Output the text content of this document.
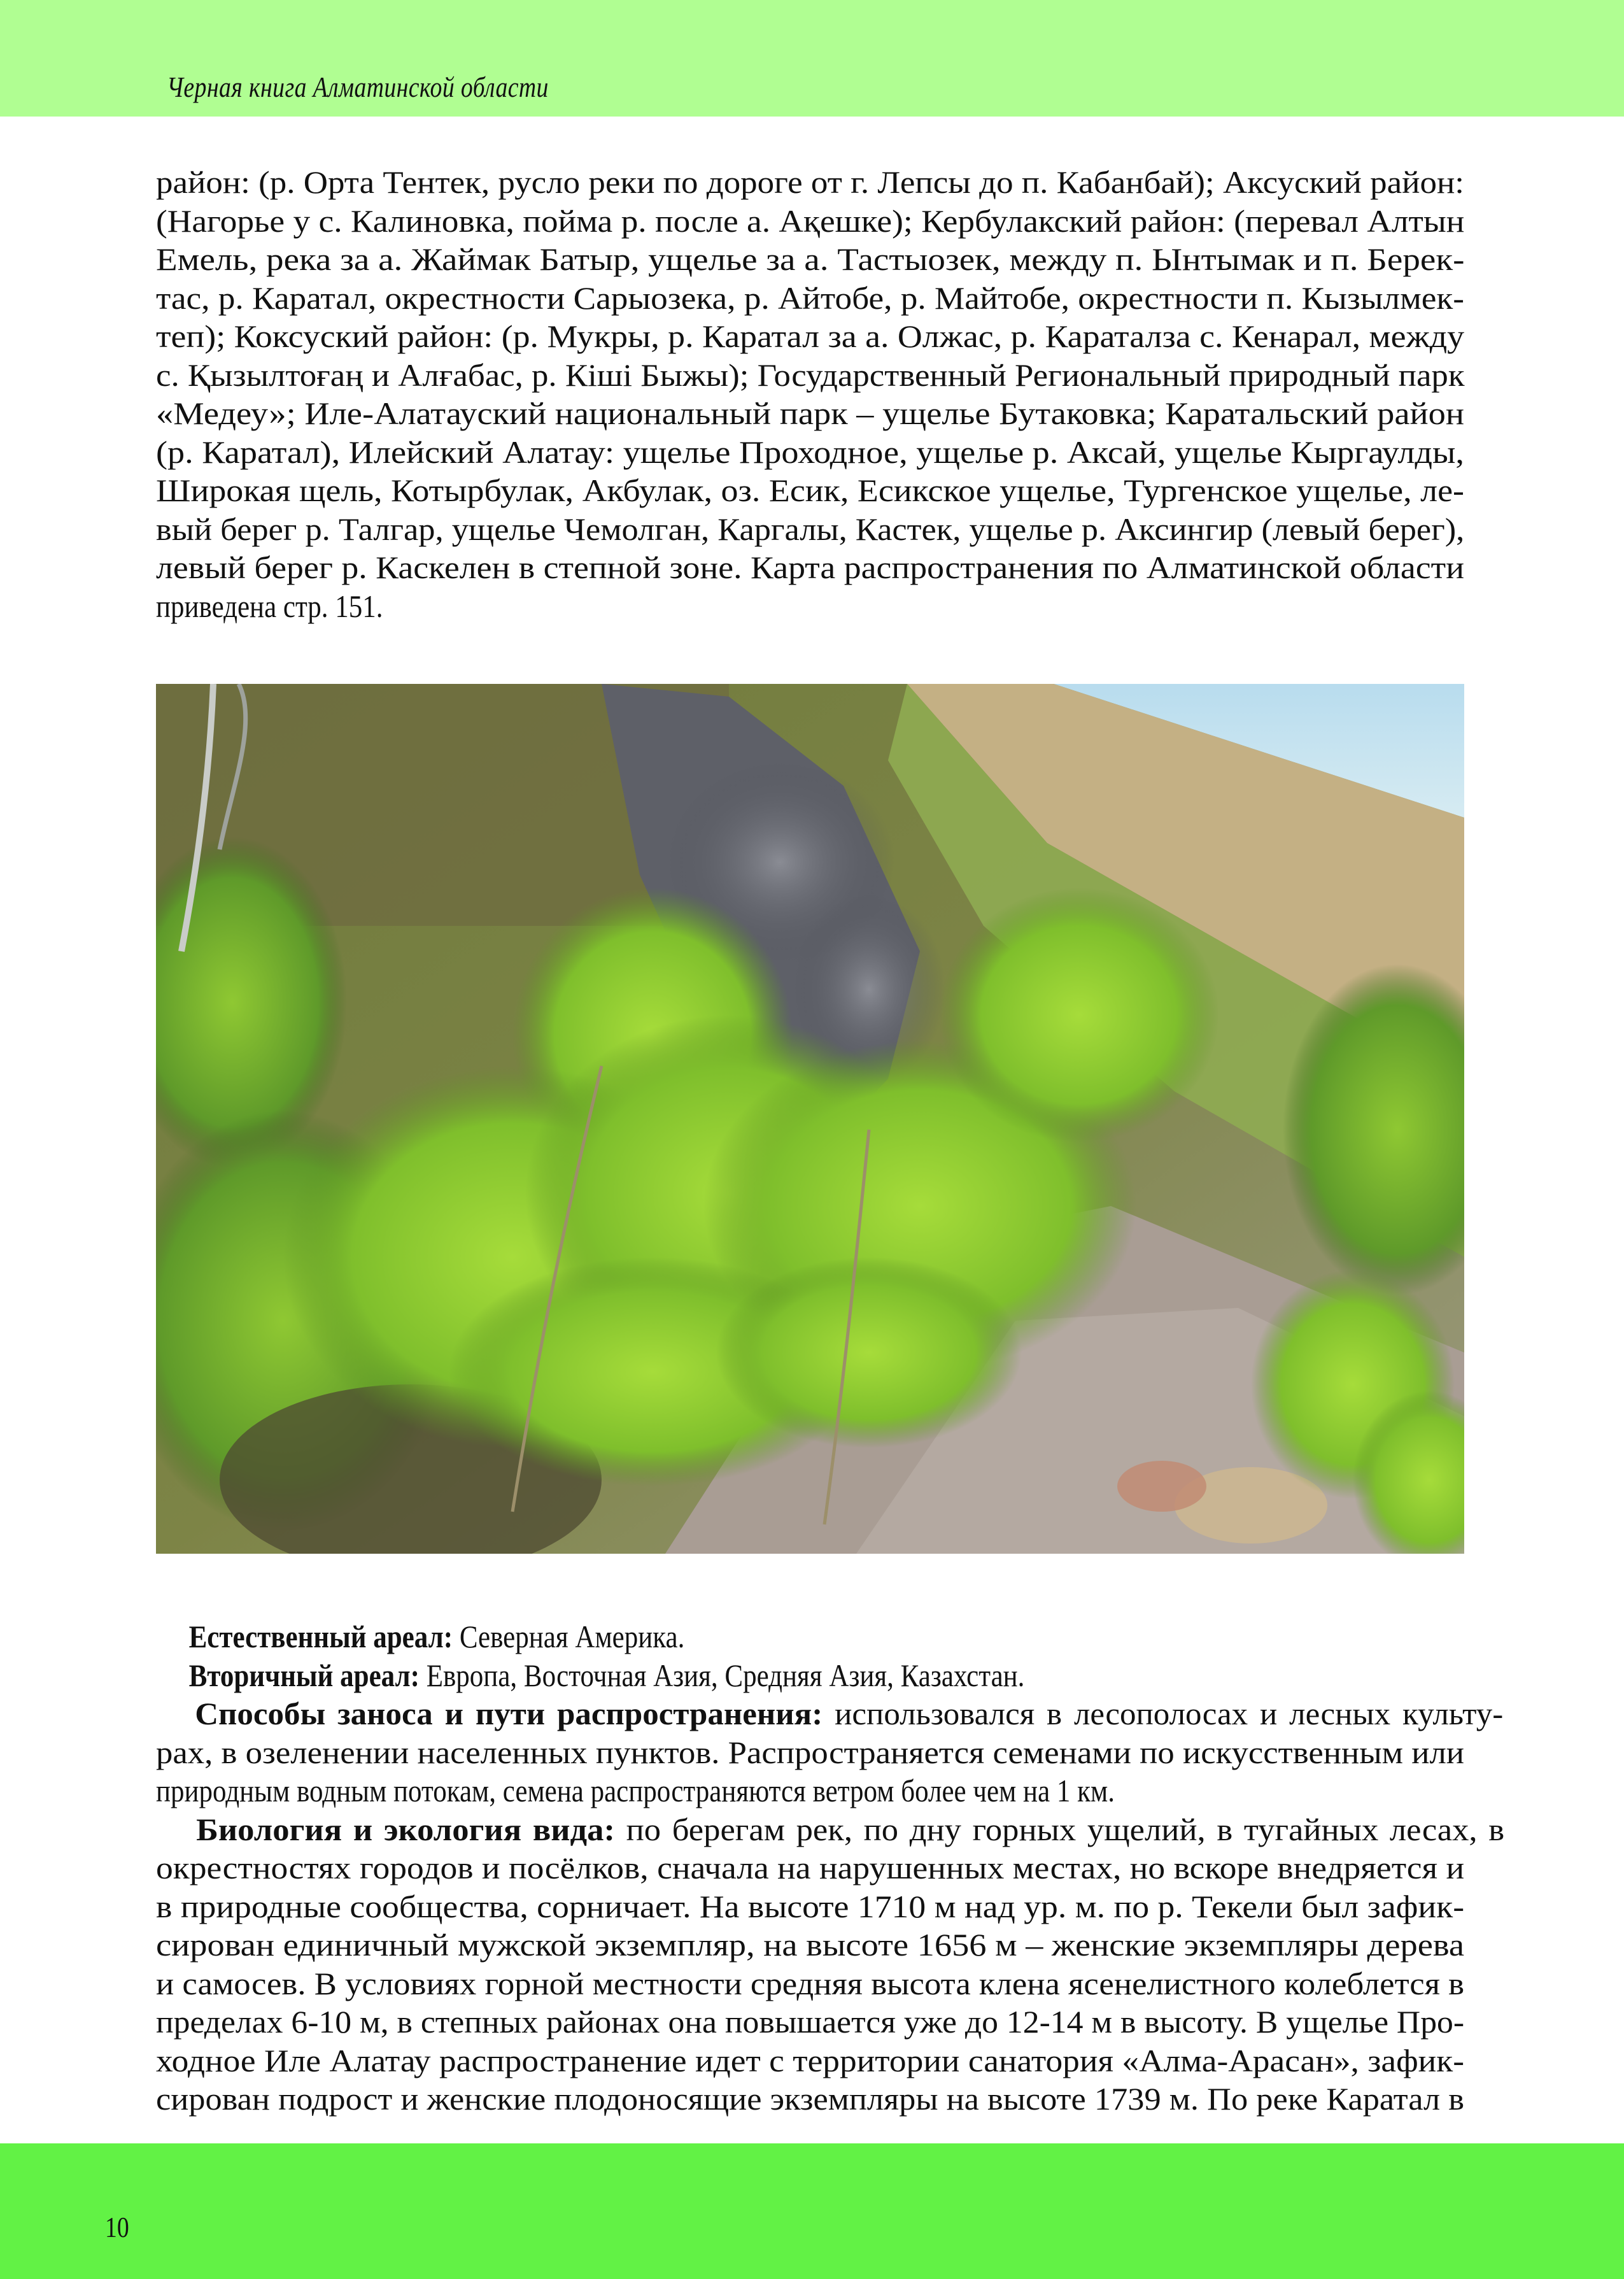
Черная книга Алматинской области
район: (р. Орта Тентек, русло реки по дороге от г. Лепсы до п. Кабанбай); Аксуский район:
(Нагорье у с. Калиновка, пойма р. после а. Ақешке); Кербулакский район: (перевал Алтын
Емель, река за а. Жаймак Батыр, ущелье за а. Тастыозек, между п. Ынтымак и п. Берек-
тас, р. Каратал, окрестности Сарыозека, р. Айтобе, р. Майтобе, окрестности п. Кызылмек-
теп); Коксуский район: (р. Мукры, р. Каратал за а. Олжас, р. Караталза с. Кенарал, между
с. Қызылтоғаң и Алғабас, р. Кіші Быжы); Государственный Региональный природный парк
«Медеу»; Иле-Алатауский национальный парк – ущелье Бутаковка; Каратальский район
(р. Каратал), Илейский Алатау: ущелье Проходное, ущелье р. Аксай, ущелье Кыргаулды,
Широкая щель, Котырбулак, Акбулак, оз. Есик, Есикское ущелье, Тургенское ущелье, ле-
вый берег р. Талгар, ущелье Чемолган, Каргалы, Кастек, ущелье р. Аксингир (левый берег),
левый берег р. Каскелен в степной зоне. Карта распространения по Алматинской области
приведена стр. 151.
Естественный ареал: Северная Америка.
Вторичный ареал: Европа, Восточная Азия, Средняя Азия, Казахстан.
Способы заноса и пути распространения: использовался в лесополосах и лесных культу-
рах, в озеленении населенных пунктов. Распространяется семенами по искусственным или
природным водным потокам, семена распространяются ветром более чем на 1 км.
Биология и экология вида: по берегам рек, по дну горных ущелий, в тугайных лесах, в
окрестностях городов и посёлков, сначала на нарушенных местах, но вскоре внедряется и
в природные сообщества, сорничает. На высоте 1710 м над ур. м. по р. Текели был зафик-
сирован единичный мужской экземпляр, на высоте 1656 м – женские экземпляры дерева
и самосев. В условиях горной местности средняя высота клена ясенелистного колеблется в
пределах 6-10 м, в степных районах она повышается уже до 12-14 м в высоту. В ущелье Про-
ходное Иле Алатау распространение идет с территории санатория «Алма-Арасан», зафик-
сирован подрост и женские плодоносящие экземпляры на высоте 1739 м. По реке Каратал в
10
